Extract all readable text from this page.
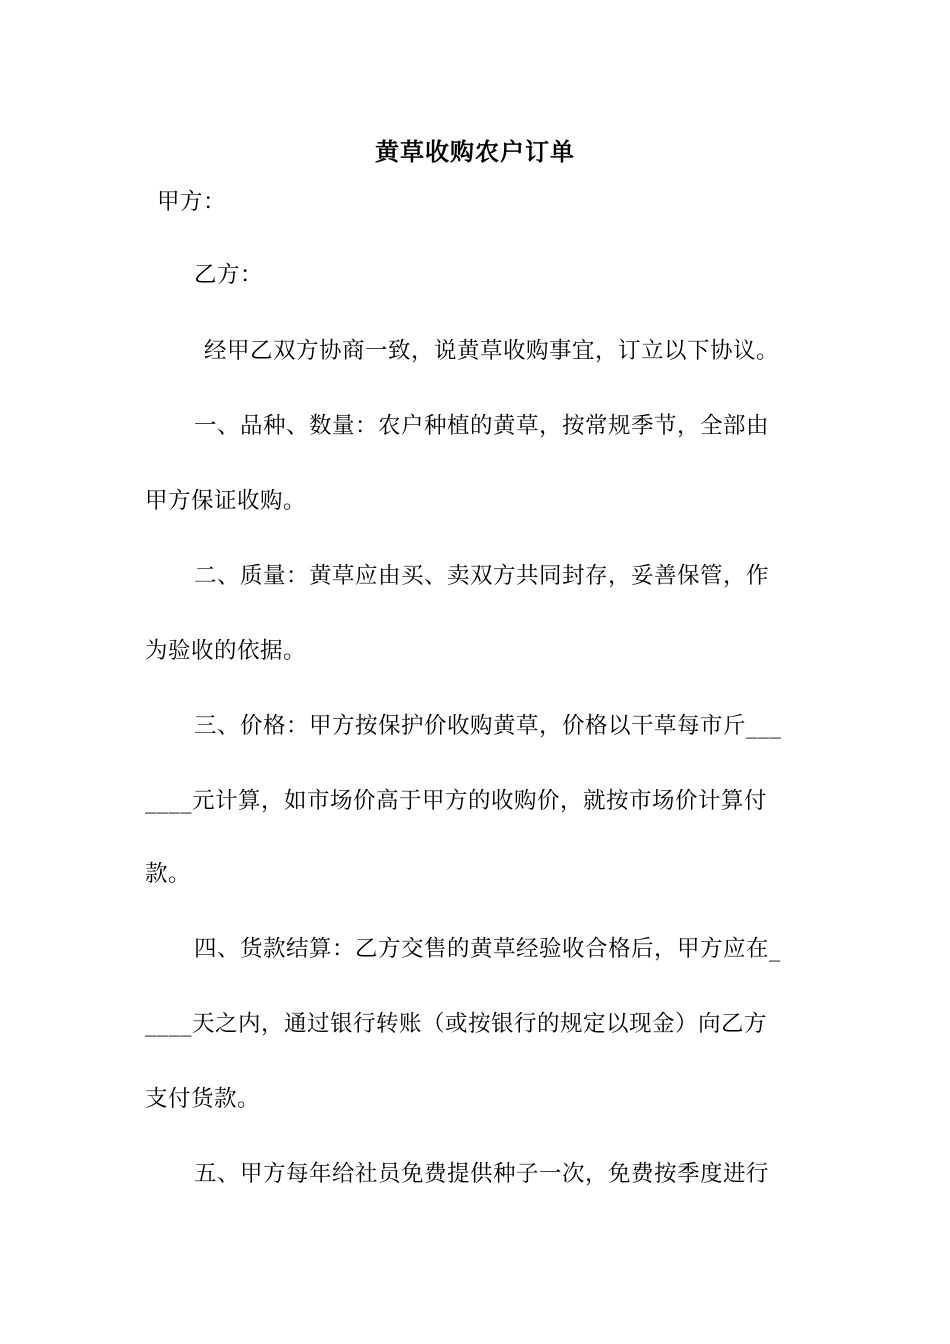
黄草收购农户订单
甲方：
乙方：
经甲乙双方协商一致，说黄草收购事宜，订立以下协议。
一、品种、数量：农户种植的黄草，按常规季节，全部由
甲方保证收购。
二、质量：黄草应由买、卖双方共同封存，妥善保管，作
为验收的依据。
三、价格：甲方按保护价收购黄草，价格以干草每市斤___
____元计算，如市场价高于甲方的收购价，就按市场价计算付
款。
四、货款结算：乙方交售的黄草经验收合格后，甲方应在_
____天之内，通过银行转账（或按银行的规定以现金）向乙方
支付货款。
五、甲方每年给社员免费提供种子一次，免费按季度进行
